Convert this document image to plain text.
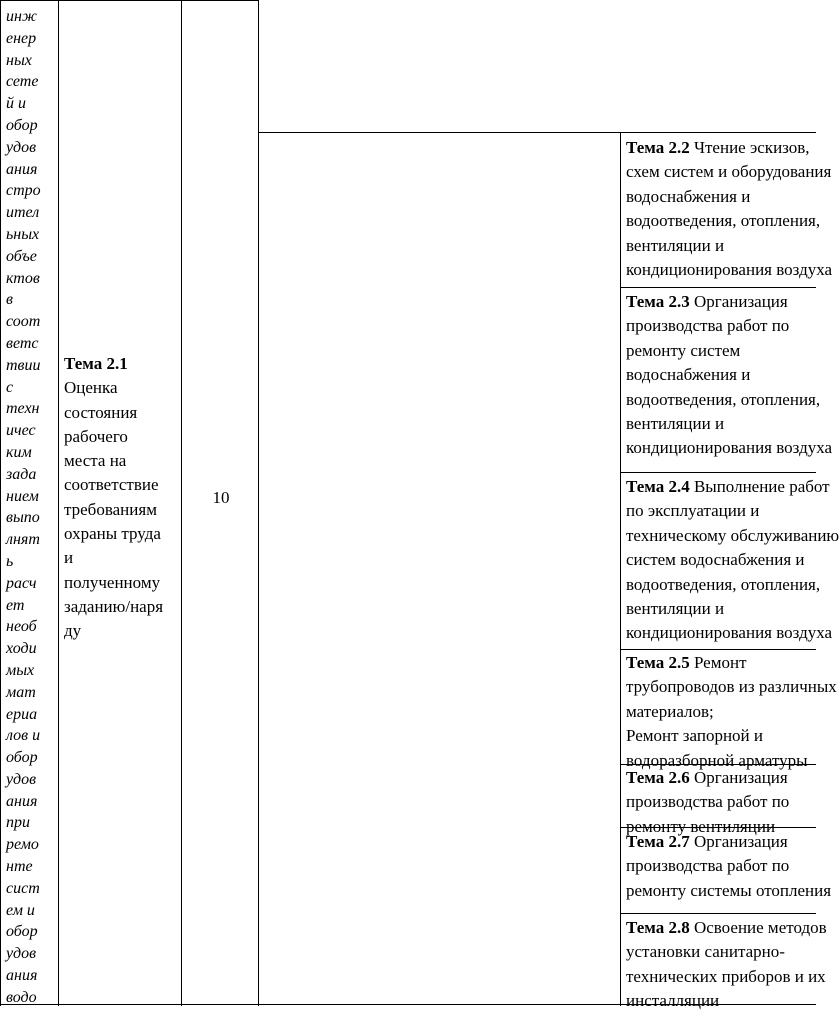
инж
енер
ных
сете
й и
обор
удов
ания
стро
ител
ьных
объе
ктов
в
соот
ветс
твии
с
техн
ичес
ким
зада
нием
выпо
лнят
ь
расч
ет
необ
ходи
мых
мат
ериа
лов и
обор
удов
ания
при
ремо
нте
сист
ем и
обор
удов
ания
водо
Тема 2.1
Оценка
состояния
рабочего
места на
соответствие
требованиям
охраны труда
и
полученному
заданию/наря
ду
10
Тема 2.2 Чтение эскизов,
схем систем и оборудования
водоснабжения и
водоотведения, отопления,
вентиляции и
кондиционирования воздуха
Тема 2.3 Организация
производства работ по
ремонту систем
водоснабжения и
водоотведения, отопления,
вентиляции и
кондиционирования воздуха
Тема 2.4 Выполнение работ
по эксплуатации и
техническому обслуживанию
систем водоснабжения и
водоотведения, отопления,
вентиляции и
кондиционирования воздуха
Тема 2.5 Ремонт
трубопроводов из различных
материалов;
Ремонт запорной и
водоразборной арматуры
Тема 2.6 Организация
производства работ по
ремонту вентиляции
Тема 2.7 Организация
производства работ по
ремонту системы отопления
Тема 2.8 Освоение методов
установки санитарно-
технических приборов и их
инсталляции
